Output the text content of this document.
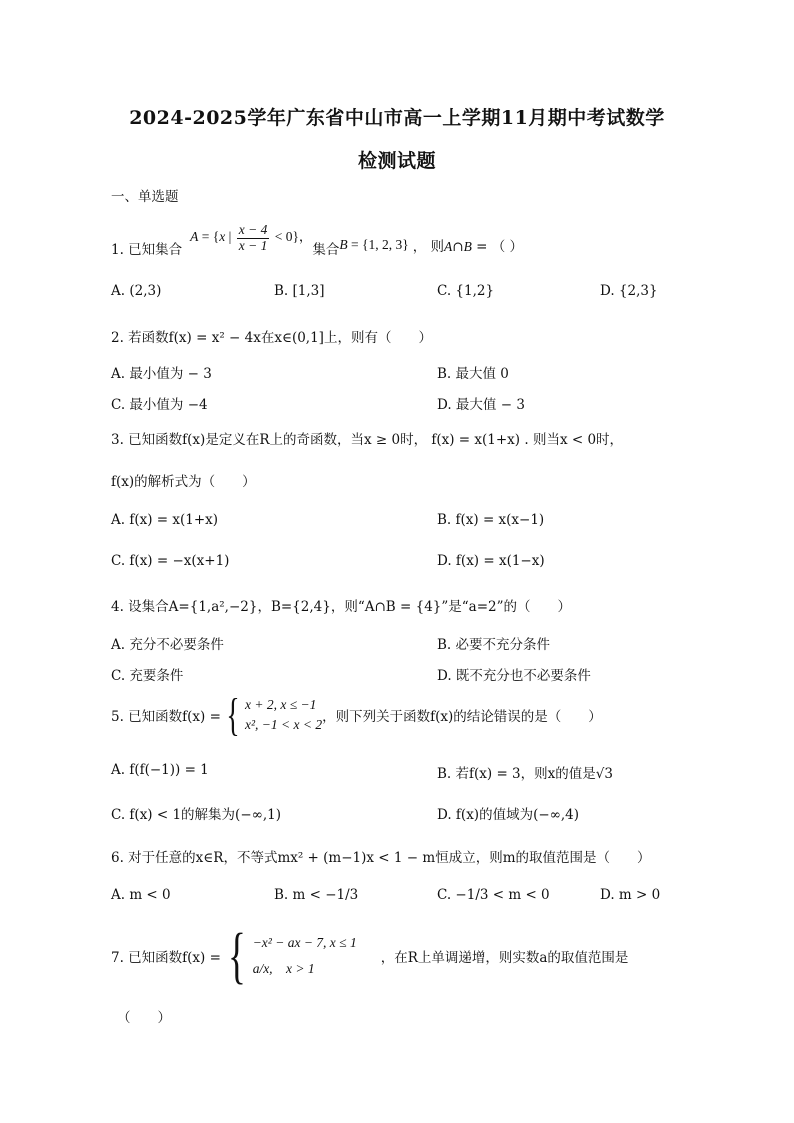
2024-2025学年广东省中山市高一上学期11月期中考试数学
检测试题
一、单选题
1. 已知集合
A = {x | $\frac{x - 4}{x - 1} < 0$}，
集合 B = {1, 2, 3} ， 则A∩B = （ ）
A. (2,3)	B. [1,3]	C. {1,2}	D. {2,3}
2. 若函数f(x) = x² − 4x在x∈(0,1]上，则有（　　）
A. 最小值为 − 3	B. 最大值 0
C. 最小值为 −4	D. 最大值 − 3
3. 已知函数f(x)是定义在R上的奇函数，当x ≥ 0时， f(x) = x(1+x) . 则当x < 0时，
f(x)的解析式为（　　）
A. f(x) = x(1+x)	B. f(x) = x(x−1)
C. f(x) = −x(x+1)	D. f(x) = x(1−x)
4. 设集合A={1,a²,−2}，B={2,4}，则“A∩B = {4}”是“a=2”的（　　）
A. 充分不必要条件	B. 必要不充分条件
C. 充要条件	D. 既不充分也不必要条件
5. 已知函数f(x) = { x + 2, x ≤ −1
x², −1 < x < 2 ，则下列关于函数f(x)的结论错误的是（　　）
A. f(f(−1)) = 1	B. 若f(x) = 3，则x的值是√3
C. f(x) < 1的解集为(−∞,1)	D. f(x)的值域为(−∞,4)
6. 对于任意的x∈R，不等式mx² + (m−1)x < 1 − m恒成立，则m的取值范围是（　　）
A. m < 0	B. m < −1/3	C. −1/3 < m < 0	D. m > 0
7. 已知函数f(x) = { −x² − ax − 7, x ≤ 1
a/x,　x > 1
，在R上单调递增，则实数a的取值范围是
（　　）
